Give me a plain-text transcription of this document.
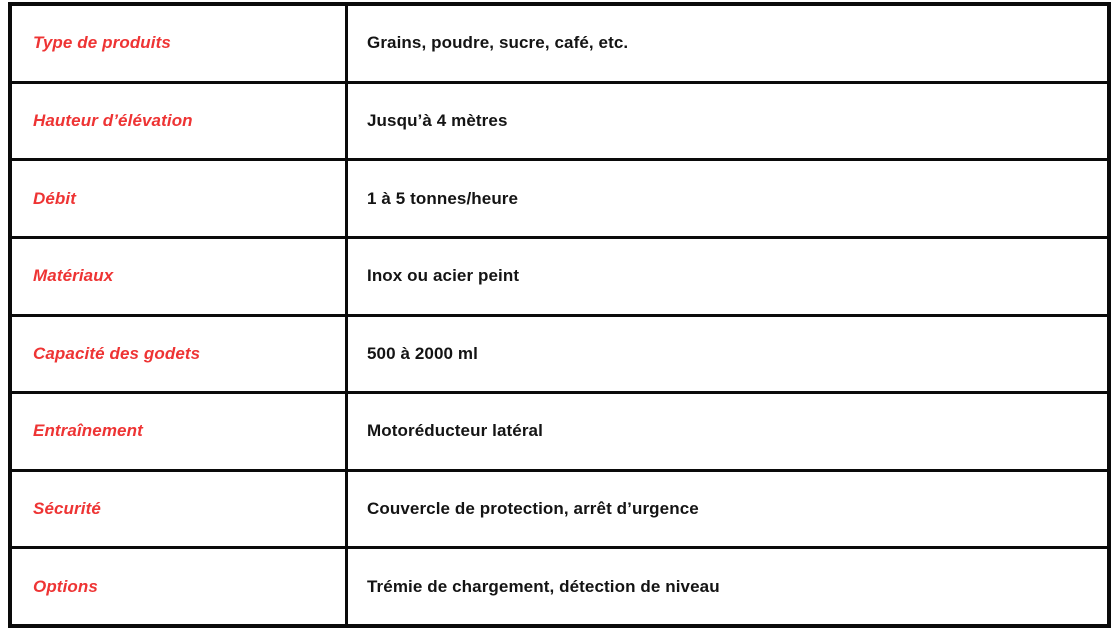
Type de produits	Grains, poudre, sucre, café, etc.
Hauteur d’élévation	Jusqu’à 4 mètres
Débit	1 à 5 tonnes/heure
Matériaux	Inox ou acier peint
Capacité des godets	500 à 2000 ml
Entraînement	Motoréducteur latéral
Sécurité	Couvercle de protection, arrêt d’urgence
Options	Trémie de chargement, détection de niveau
